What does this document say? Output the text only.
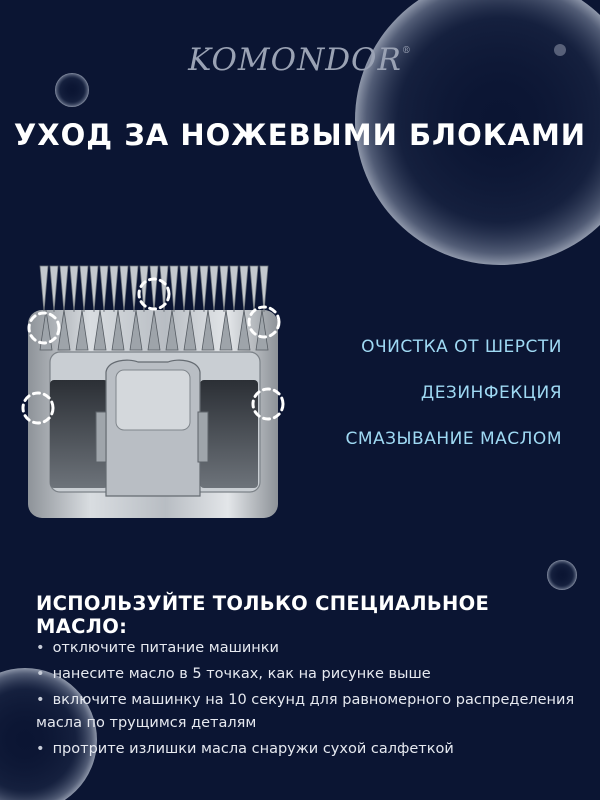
KOMONDOR®
УХОД ЗА НОЖЕВЫМИ БЛОКАМИ
ОЧИСТКА ОТ ШЕРСТИ
ДЕЗИНФЕКЦИЯ
СМАЗЫВАНИЕ МАСЛОМ
ИСПОЛЬЗУЙТЕ ТОЛЬКО СПЕЦИАЛЬНОЕ МАСЛО:
• отключите питание машинки
• нанесите масло в 5 точках, как на рисунке выше
• включите машинку на 10 секунд для равномерного распределения масла по трущимся деталям
• протрите излишки масла снаружи сухой салфеткой
